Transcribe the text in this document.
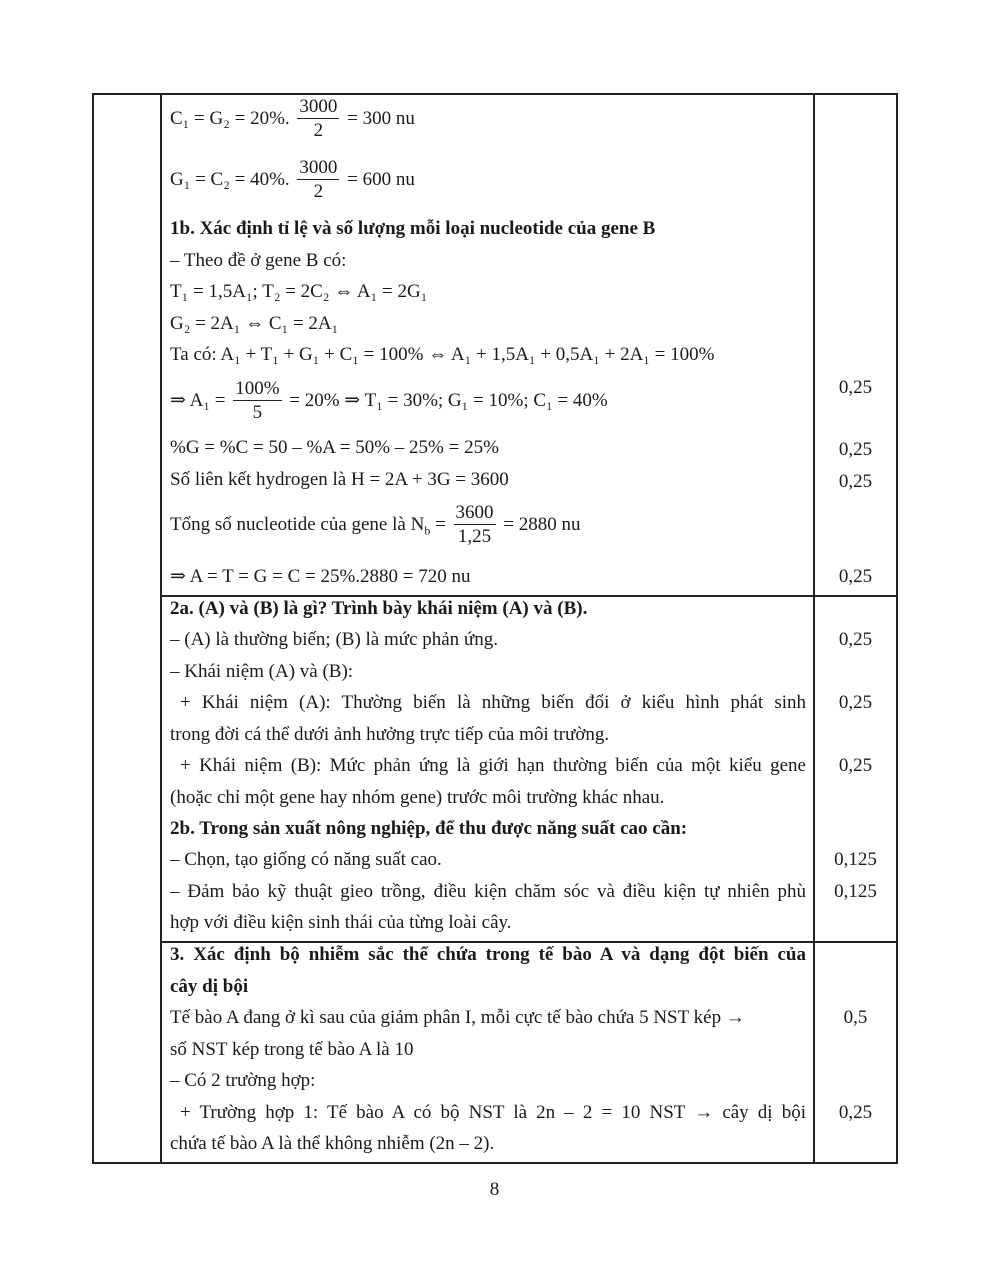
C₁ = G₂ = 20%. $\frac{3000}{2} = 300$ nu
G₁ = C₂ = 40%. $\frac{3000}{2} = 600$ nu
1b. Xác định tỉ lệ và số lượng mỗi loại nucleotide của gene B
– Theo đề ở gene B có:
T₁ = 1,5A₁; T₂ = 2C₂ ⇔ A₁ = 2G₁
G₂ = 2A₁ ⇔ C₁ = 2A₁
Ta có: A₁ + T₁ + G₁ + C₁ = 100% ⇔ A₁ + 1,5A₁ + 0,5A₁ + 2A₁ = 100%
⇒ $A_1 = \frac{100\%}{5} = 20\%$ ⇒ T₁ = 30%; G₁ = 10%; C₁ = 40%
%G = %C = 50 – %A = 50% – 25% = 25%
Số liên kết hydrogen là H = 2A + 3G = 3600
Tổng số nucleotide của gene là $N_b = \frac{3600}{1,25} = 2880$ nu
⇒ A = T = G = C = 25%.2880 = 720 nu
2a. (A) và (B) là gì? Trình bày khái niệm (A) và (B).
– (A) là thường biến; (B) là mức phản ứng.
– Khái niệm (A) và (B):
+ Khái niệm (A): Thường biến là những biến đổi ở kiểu hình phát sinh
trong đời cá thể dưới ảnh hưởng trực tiếp của môi trường.
+ Khái niệm (B): Mức phản ứng là giới hạn thường biến của một kiểu gene
(hoặc chỉ một gene hay nhóm gene) trước môi trường khác nhau.
2b. Trong sản xuất nông nghiệp, để thu được năng suất cao cần:
– Chọn, tạo giống có năng suất cao.
– Đảm bảo kỹ thuật gieo trồng, điều kiện chăm sóc và điều kiện tự nhiên phù
hợp với điều kiện sinh thái của từng loài cây.
3. Xác định bộ nhiễm sắc thể chứa trong tế bào A và dạng đột biến của
cây dị bội
Tế bào A đang ở kì sau của giảm phân I, mỗi cực tế bào chứa 5 NST kép →
số NST kép trong tế bào A là 10
– Có 2 trường hợp:
+ Trường hợp 1: Tế bào A có bộ NST là 2n – 2 = 10 NST → cây dị bội
chứa tế bào A là thể không nhiễm (2n – 2).
0,25
0,25
0,25
0,25
0,25
0,25
0,25
0,125
0,125
0,5
0,25
8
